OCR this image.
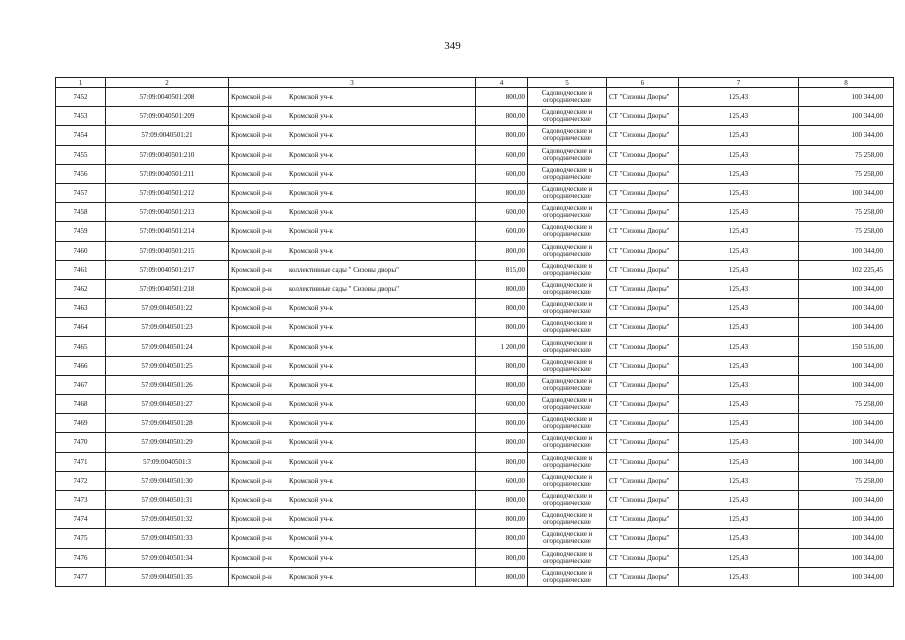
349
1	2	3	4	5	6	7	8
7452	57:09:0040501:208	Кромской р-н Кромской уч-к	800,00	Садоводческие и
огороднические	СТ "Сизовы Дворы"	125,43	100 344,00
7453	57:09:0040501:209	Кромской р-н Кромской уч-к	800,00	Садоводческие и
огороднические	СТ "Сизовы Дворы"	125,43	100 344,00
7454	57:09:0040501:21	Кромской р-н Кромской уч-к	800,00	Садоводческие и
огороднические	СТ "Сизовы Дворы"	125,43	100 344,00
7455	57:09:0040501:210	Кромской р-н Кромской уч-к	600,00	Садоводческие и
огороднические	СТ "Сизовы Дворы"	125,43	75 258,00
7456	57:09:0040501:211	Кромской р-н Кромской уч-к	600,00	Садоводческие и
огороднические	СТ "Сизовы Дворы"	125,43	75 258,00
7457	57:09:0040501:212	Кромской р-н Кромской уч-к	800,00	Садоводческие и
огороднические	СТ "Сизовы Дворы"	125,43	100 344,00
7458	57:09:0040501:213	Кромской р-н Кромской уч-к	600,00	Садоводческие и
огороднические	СТ "Сизовы Дворы"	125,43	75 258,00
7459	57:09:0040501:214	Кромской р-н Кромской уч-к	600,00	Садоводческие и
огороднические	СТ "Сизовы Дворы"	125,43	75 258,00
7460	57:09:0040501:215	Кромской р-н Кромской уч-к	800,00	Садоводческие и
огороднические	СТ "Сизовы Дворы"	125,43	100 344,00
7461	57:09:0040501:217	Кромской р-н коллективные сады " Сизовы дворы"	815,00	Садоводческие и
огороднические	СТ "Сизовы Дворы"	125,43	102 225,45
7462	57:09:0040501:218	Кромской р-н коллективные сады " Сизовы дворы"	800,00	Садоводческие и
огороднические	СТ "Сизовы Дворы"	125,43	100 344,00
7463	57:09:0040501:22	Кромской р-н Кромской уч-к	800,00	Садоводческие и
огороднические	СТ "Сизовы Дворы"	125,43	100 344,00
7464	57:09:0040501:23	Кромской р-н Кромской уч-к	800,00	Садоводческие и
огороднические	СТ "Сизовы Дворы"	125,43	100 344,00
7465	57:09:0040501:24	Кромской р-н Кромской уч-к	1 200,00	Садоводческие и
огороднические	СТ "Сизовы Дворы"	125,43	150 516,00
7466	57:09:0040501:25	Кромской р-н Кромской уч-к	800,00	Садоводческие и
огороднические	СТ "Сизовы Дворы"	125,43	100 344,00
7467	57:09:0040501:26	Кромской р-н Кромской уч-к	800,00	Садоводческие и
огороднические	СТ "Сизовы Дворы"	125,43	100 344,00
7468	57:09:0040501:27	Кромской р-н Кромской уч-к	600,00	Садоводческие и
огороднические	СТ "Сизовы Дворы"	125,43	75 258,00
7469	57:09:0040501:28	Кромской р-н Кромской уч-к	800,00	Садоводческие и
огороднические	СТ "Сизовы Дворы"	125,43	100 344,00
7470	57:09:0040501:29	Кромской р-н Кромской уч-к	800,00	Садоводческие и
огороднические	СТ "Сизовы Дворы"	125,43	100 344,00
7471	57:09:0040501:3	Кромской р-н Кромской уч-к	800,00	Садоводческие и
огороднические	СТ "Сизовы Дворы"	125,43	100 344,00
7472	57:09:0040501:30	Кромской р-н Кромской уч-к	600,00	Садоводческие и
огороднические	СТ "Сизовы Дворы"	125,43	75 258,00
7473	57:09:0040501:31	Кромской р-н Кромской уч-к	800,00	Садоводческие и
огороднические	СТ "Сизовы Дворы"	125,43	100 344,00
7474	57:09:0040501:32	Кромской р-н Кромской уч-к	800,00	Садоводческие и
огороднические	СТ "Сизовы Дворы"	125,43	100 344,00
7475	57:09:0040501:33	Кромской р-н Кромской уч-к	800,00	Садоводческие и
огороднические	СТ "Сизовы Дворы"	125,43	100 344,00
7476	57:09:0040501:34	Кромской р-н Кромской уч-к	800,00	Садоводческие и
огороднические	СТ "Сизовы Дворы"	125,43	100 344,00
7477	57:09:0040501:35	Кромской р-н Кромской уч-к	800,00	Садоводческие и
огороднические	СТ "Сизовы Дворы"	125,43	100 344,00
